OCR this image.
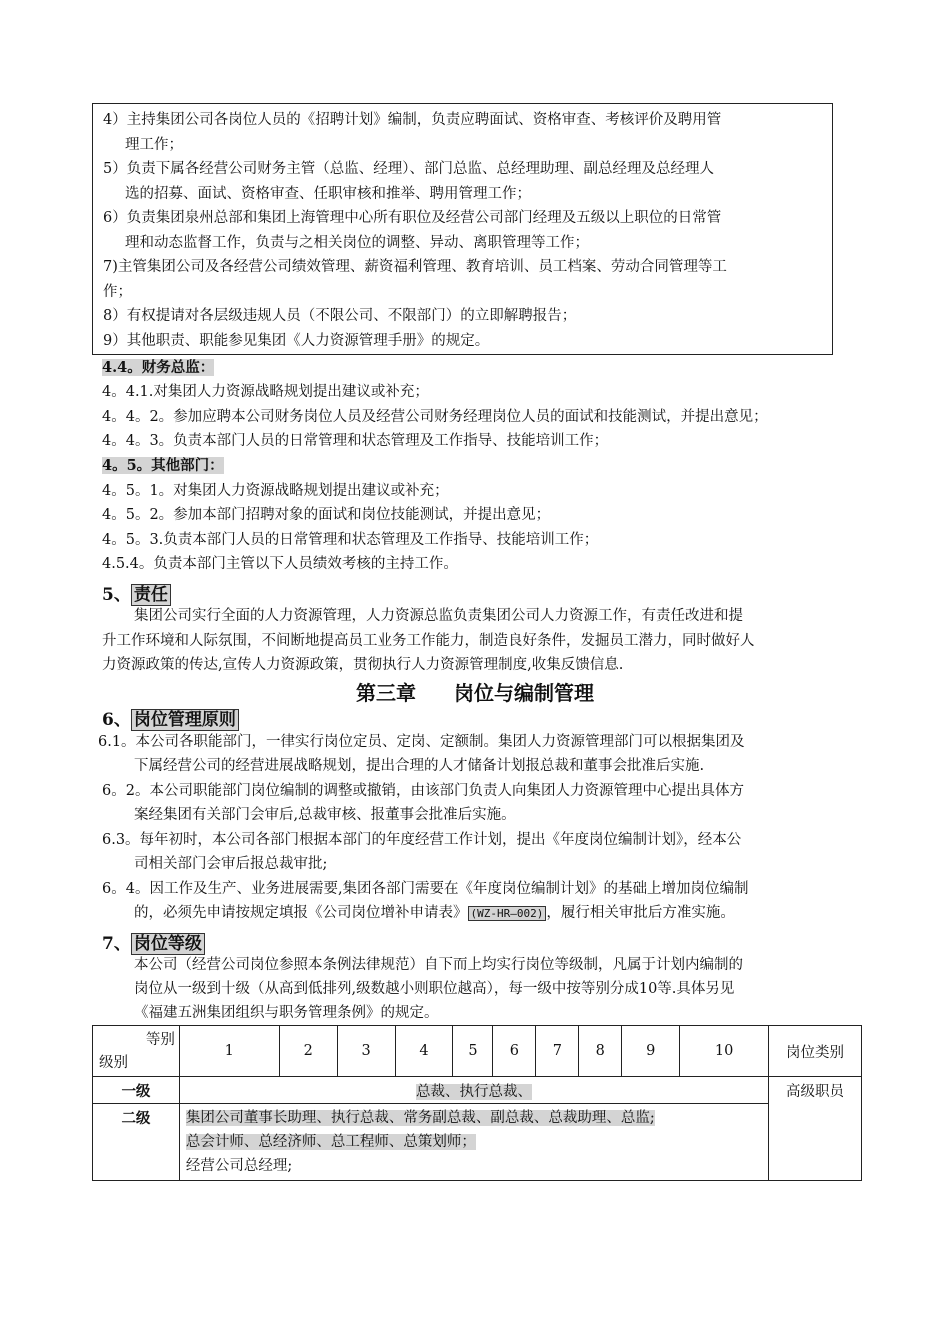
4）主持集团公司各岗位人员的《招聘计划》编制，负责应聘面试、资格审查、考核评价及聘用管

理工作；

5）负责下属各经营公司财务主管（总监、经理）、部门总监、总经理助理、副总经理及总经理人

选的招募、面试、资格审查、任职审核和推举、聘用管理工作；

6）负责集团泉州总部和集团上海管理中心所有职位及经营公司部门经理及五级以上职位的日常管

理和动态监督工作，负责与之相关岗位的调整、异动、离职管理等工作；

7)主管集团公司及各经营公司绩效管理、薪资福利管理、教育培训、员工档案、劳动合同管理等工

作；

8）有权提请对各层级违规人员（不限公司、不限部门）的立即解聘报告；

9）其他职责、职能参见集团《人力资源管理手册》的规定。

4.4。财务总监：

4。4.1.对集团人力资源战略规划提出建议或补充；

4。4。2。参加应聘本公司财务岗位人员及经营公司财务经理岗位人员的面试和技能测试，并提出意见；

4。4。3。负责本部门人员的日常管理和状态管理及工作指导、技能培训工作；

4。5。其他部门：

4。5。1。对集团人力资源战略规划提出建议或补充；

4。5。2。参加本部门招聘对象的面试和岗位技能测试，并提出意见；

4。5。3.负责本部门人员的日常管理和状态管理及工作指导、技能培训工作；

4.5.4。负责本部门主管以下人员绩效考核的主持工作。

5、 责任

集团公司实行全面的人力资源管理，人力资源总监负责集团公司人力资源工作，有责任改进和提

升工作环境和人际氛围，不间断地提高员工业务工作能力，制造良好条件，发掘员工潜力，同时做好人

力资源政策的传达,宣传人力资源政策，贯彻执行人力资源管理制度,收集反馈信息.

第三章 岗位与编制管理

6、 岗位管理原则

6.1。本公司各职能部门，一律实行岗位定员、定岗、定额制。集团人力资源管理部门可以根据集团及

下属经营公司的经营进展战略规划，提出合理的人才储备计划报总裁和董事会批准后实施.

6。2。本公司职能部门岗位编制的调整或撤销，由该部门负责人向集团人力资源管理中心提出具体方

案经集团有关部门会审后,总裁审核、报董事会批准后实施。

6.3。每年初时，本公司各部门根据本部门的年度经营工作计划，提出《年度岗位编制计划》，经本公

司相关部门会审后报总裁审批;

6。4。因工作及生产、业务进展需要,集团各部门需要在《年度岗位编制计划》的基础上增加岗位编制

的，必须先申请按规定填报《公司岗位增补申请表》 (WZ-HR—002) ，履行相关审批后方准实施。

7、 岗位等级

本公司（经营公司岗位参照本条例法律规范）自下而上均实行岗位等级制，凡属于计划内编制的

岗位从一级到十级（从高到低排列,级数越小则职位越高），每一级中按等别分成10等.具体另见

《福建五洲集团组织与职务管理条例》的规定。

等别
级别	1	2	3	4	5	6	7	8	9	10	岗位类别
一级	总裁、执行总裁、										高级职员
二级	集团公司董事长助理、执行总裁、常务副总裁、副总裁、总裁助理、总监;
总会计师、总经济师、总工程师、总策划师；
经营公司总经理;										
